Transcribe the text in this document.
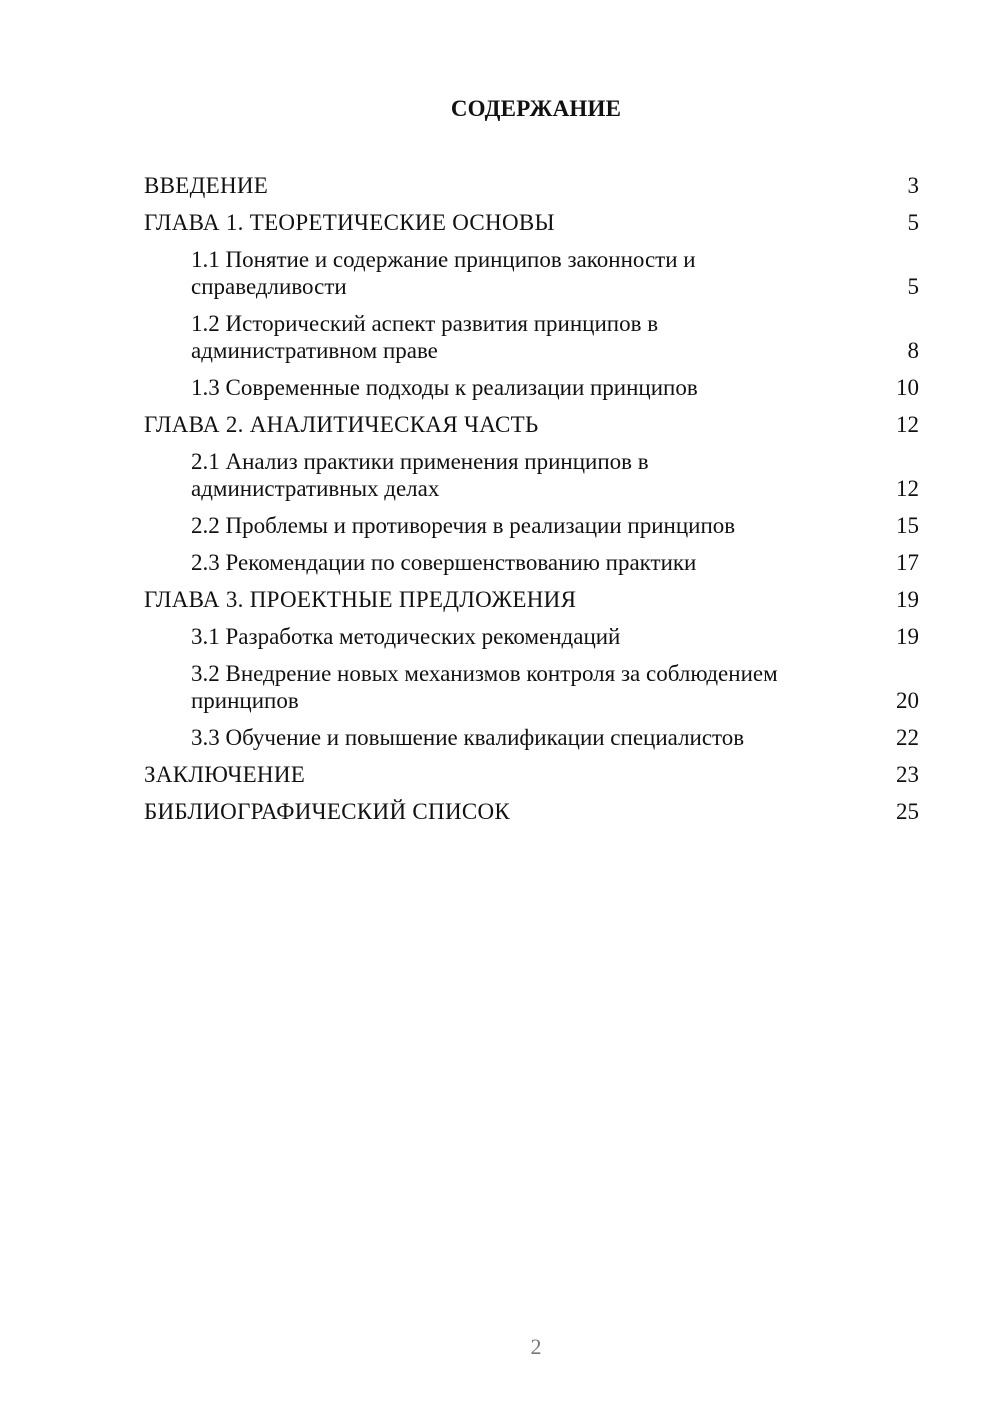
СОДЕРЖАНИЕ
ВВЕДЕНИЕ	3
ГЛАВА 1. ТЕОРЕТИЧЕСКИЕ ОСНОВЫ	5
1.1 Понятие и содержание принципов законности и справедливости	5
1.2 Исторический аспект развития принципов в административном праве	8
1.3 Современные подходы к реализации принципов	10
ГЛАВА 2. АНАЛИТИЧЕСКАЯ ЧАСТЬ	12
2.1 Анализ практики применения принципов в административных делах	12
2.2 Проблемы и противоречия в реализации принципов	15
2.3 Рекомендации по совершенствованию практики	17
ГЛАВА 3. ПРОЕКТНЫЕ ПРЕДЛОЖЕНИЯ	19
3.1 Разработка методических рекомендаций	19
3.2 Внедрение новых механизмов контроля за соблюдением принципов	20
3.3 Обучение и повышение квалификации специалистов	22
ЗАКЛЮЧЕНИЕ	23
БИБЛИОГРАФИЧЕСКИЙ СПИСОК	25
2
